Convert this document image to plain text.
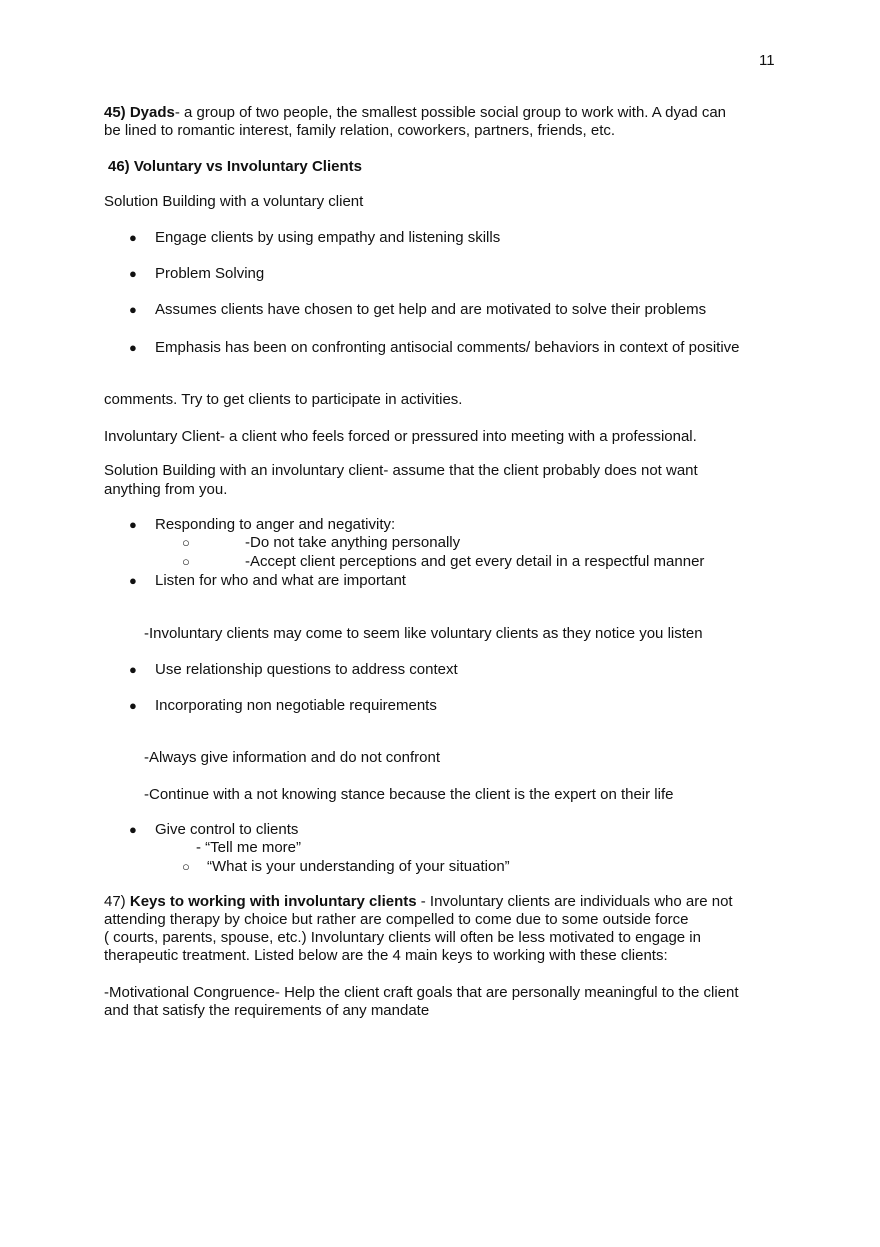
11

45) Dyads- a group of two people, the smallest possible social group to work with. A dyad can

be lined to romantic interest, family relation, coworkers, partners, friends, etc.

46) Voluntary vs Involuntary Clients

Solution Building with a voluntary client

● Engage clients by using empathy and listening skills

● Problem Solving

● Assumes clients have chosen to get help and are motivated to solve their problems

● Emphasis has been on confronting antisocial comments/ behaviors in context of positive

comments. Try to get clients to participate in activities.

Involuntary Client- a client who feels forced or pressured into meeting with a professional.

Solution Building with an involuntary client- assume that the client probably does not want

anything from you.

● Responding to anger and negativity:

○	-Do not take anything personally

○	-Accept client perceptions and get every detail in a respectful manner

● Listen for who and what are important

-Involuntary clients may come to seem like voluntary clients as they notice you listen

● Use relationship questions to address context

● Incorporating non negotiable requirements

-Always give information and do not confront

-Continue with a not knowing stance because the client is the expert on their life

● Give control to clients

- “Tell me more”

○ “What is your understanding of your situation”

47) Keys to working with involuntary clients - Involuntary clients are individuals who are not

attending therapy by choice but rather are compelled to come due to some outside force

( courts, parents, spouse, etc.) Involuntary clients will often be less motivated to engage in

therapeutic treatment. Listed below are the 4 main keys to working with these clients:

-Motivational Congruence- Help the client craft goals that are personally meaningful to the client

and that satisfy the requirements of any mandate
